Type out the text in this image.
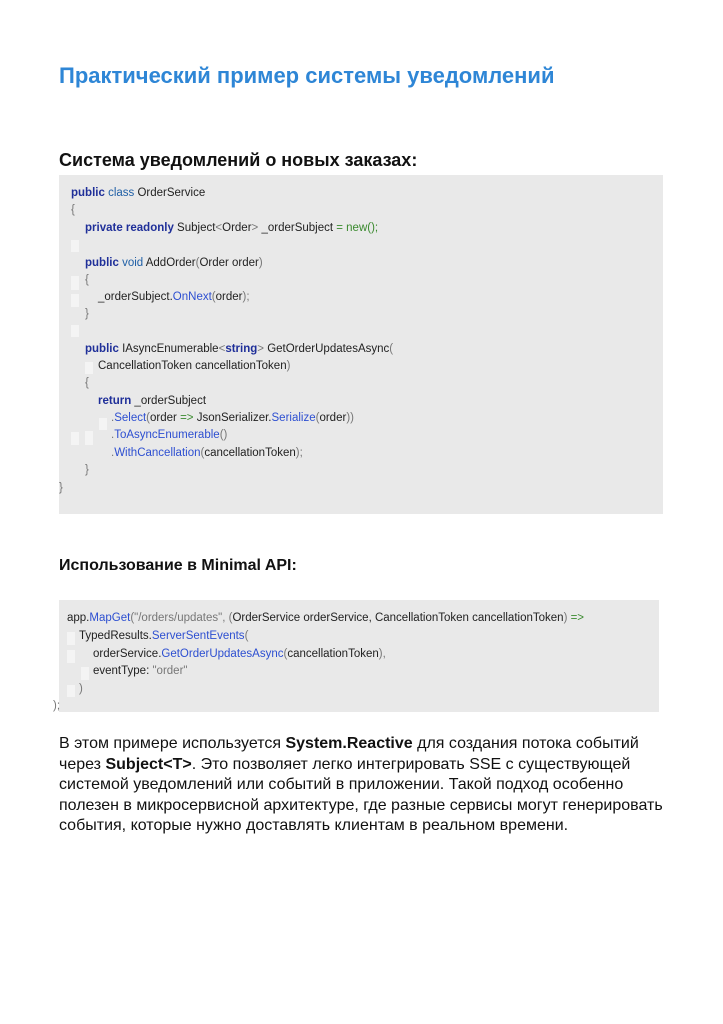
Практический пример системы уведомлений
Система уведомлений о новых заказах:
public class OrderService
{
private readonly Subject<Order> _orderSubject = new();
public void AddOrder(Order order)
{
_orderSubject.OnNext(order);
}
public IAsyncEnumerable<string> GetOrderUpdatesAsync(
CancellationToken cancellationToken)
{
return _orderSubject
.Select(order => JsonSerializer.Serialize(order))
.ToAsyncEnumerable()
.WithCancellation(cancellationToken);
}
}
Использование в Minimal API:
app.MapGet("/orders/updates", (OrderService orderService, CancellationToken cancellationToken) =>
TypedResults.ServerSentEvents(
orderService.GetOrderUpdatesAsync(cancellationToken),
eventType: "order"
)
);

В этом примере используется System.Reactive для создания потока событий через Subject<T>. Это позволяет легко интегрировать SSE с существующей системой уведомлений или событий в приложении. Такой подход особенно полезен в микросервисной архитектуре, где разные сервисы могут генерировать события, которые нужно доставлять клиентам в реальном времени.
